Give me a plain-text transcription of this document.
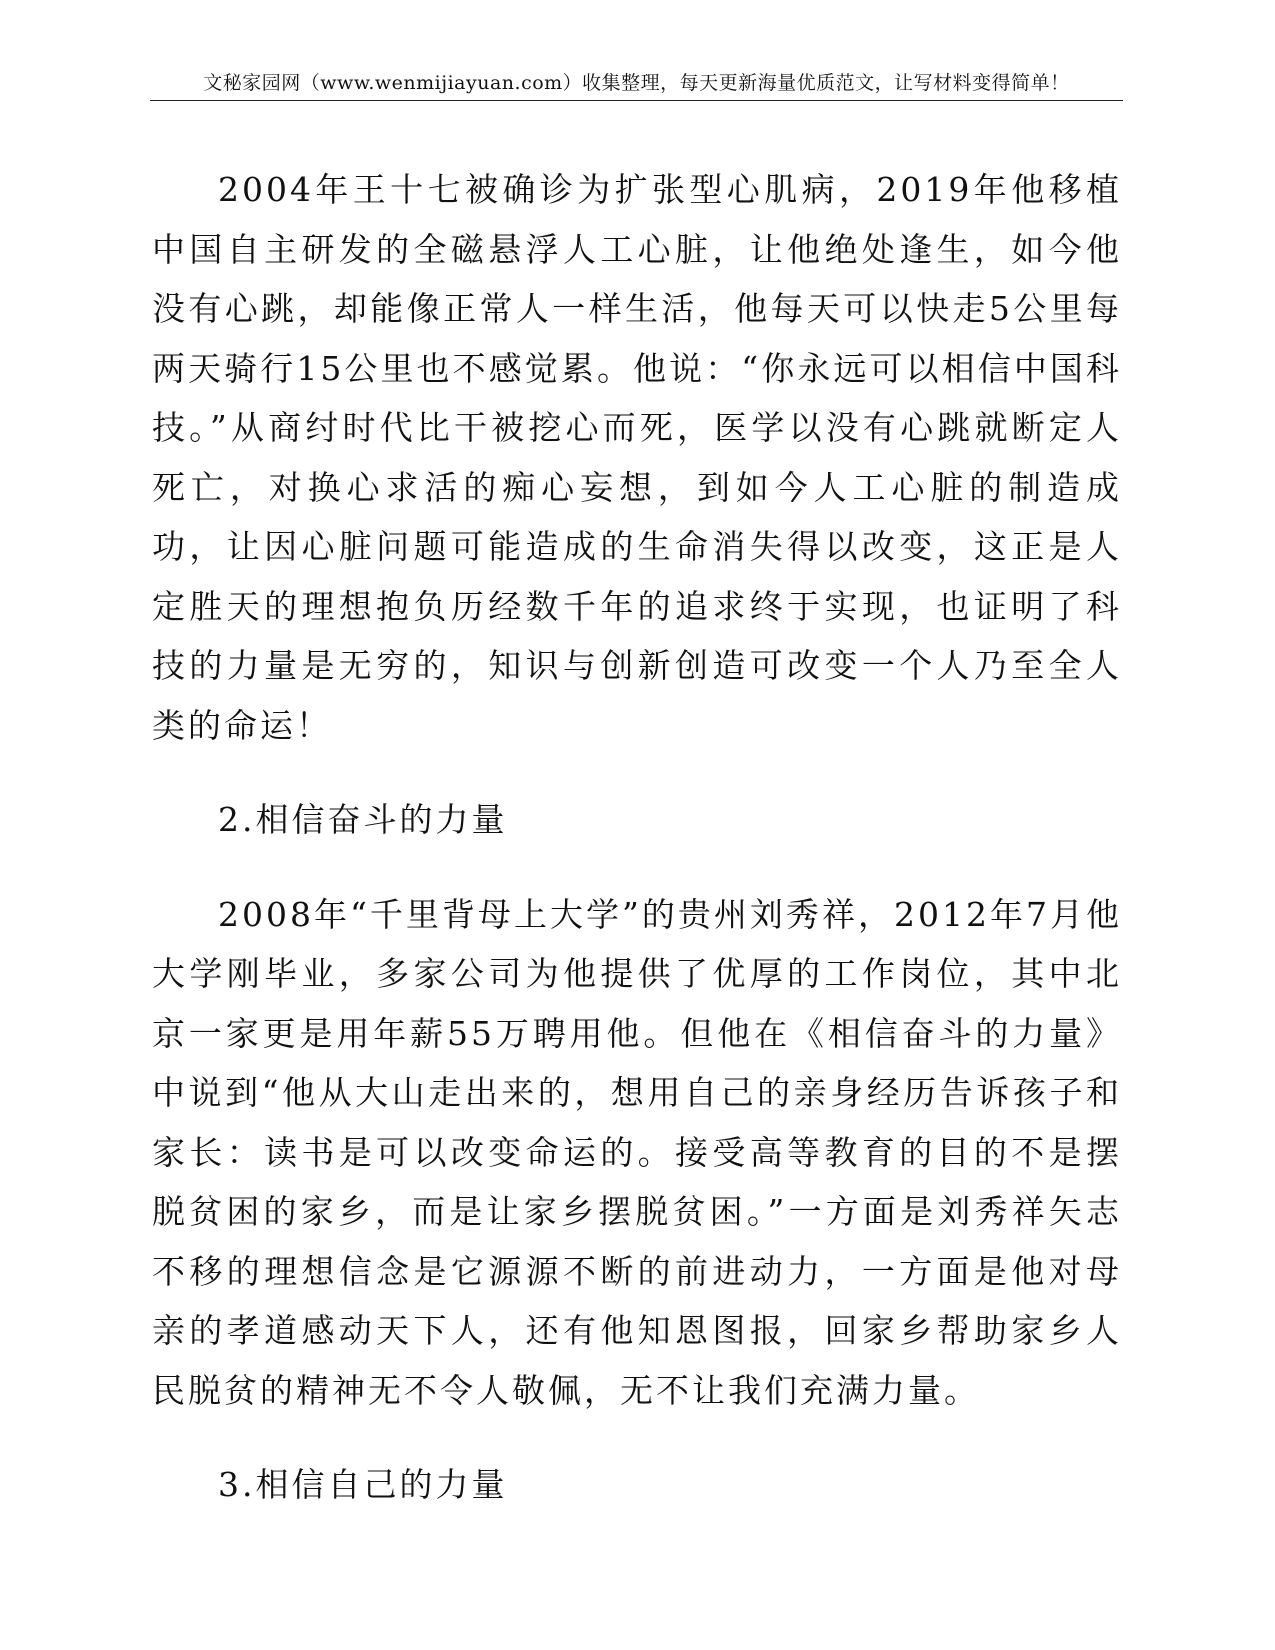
文秘家园网（www.wenmijiayuan.com）收集整理，每天更新海量优质范文，让写材料变得简单！

2004年王十七被确诊为扩张型心肌病，2019年他移植中国自主研发的全磁悬浮人工心脏，让他绝处逢生，如今他没有心跳，却能像正常人一样生活，他每天可以快走5公里每两天骑行15公里也不感觉累。他说：“你永远可以相信中国科技。”从商纣时代比干被挖心而死，医学以没有心跳就断定人死亡，对换心求活的痴心妄想，到如今人工心脏的制造成功，让因心脏问题可能造成的生命消失得以改变，这正是人定胜天的理想抱负历经数千年的追求终于实现，也证明了科技的力量是无穷的，知识与创新创造可改变一个人乃至全人类的命运！

2.相信奋斗的力量

2008年“千里背母上大学”的贵州刘秀祥，2012年7月他大学刚毕业，多家公司为他提供了优厚的工作岗位，其中北京一家更是用年薪55万聘用他。但他在《相信奋斗的力量》中说到“他从大山走出来的，想用自己的亲身经历告诉孩子和家长：读书是可以改变命运的。接受高等教育的目的不是摆脱贫困的家乡，而是让家乡摆脱贫困。”一方面是刘秀祥矢志不移的理想信念是它源源不断的前进动力，一方面是他对母亲的孝道感动天下人，还有他知恩图报，回家乡帮助家乡人民脱贫的精神无不令人敬佩，无不让我们充满力量。

3.相信自己的力量
